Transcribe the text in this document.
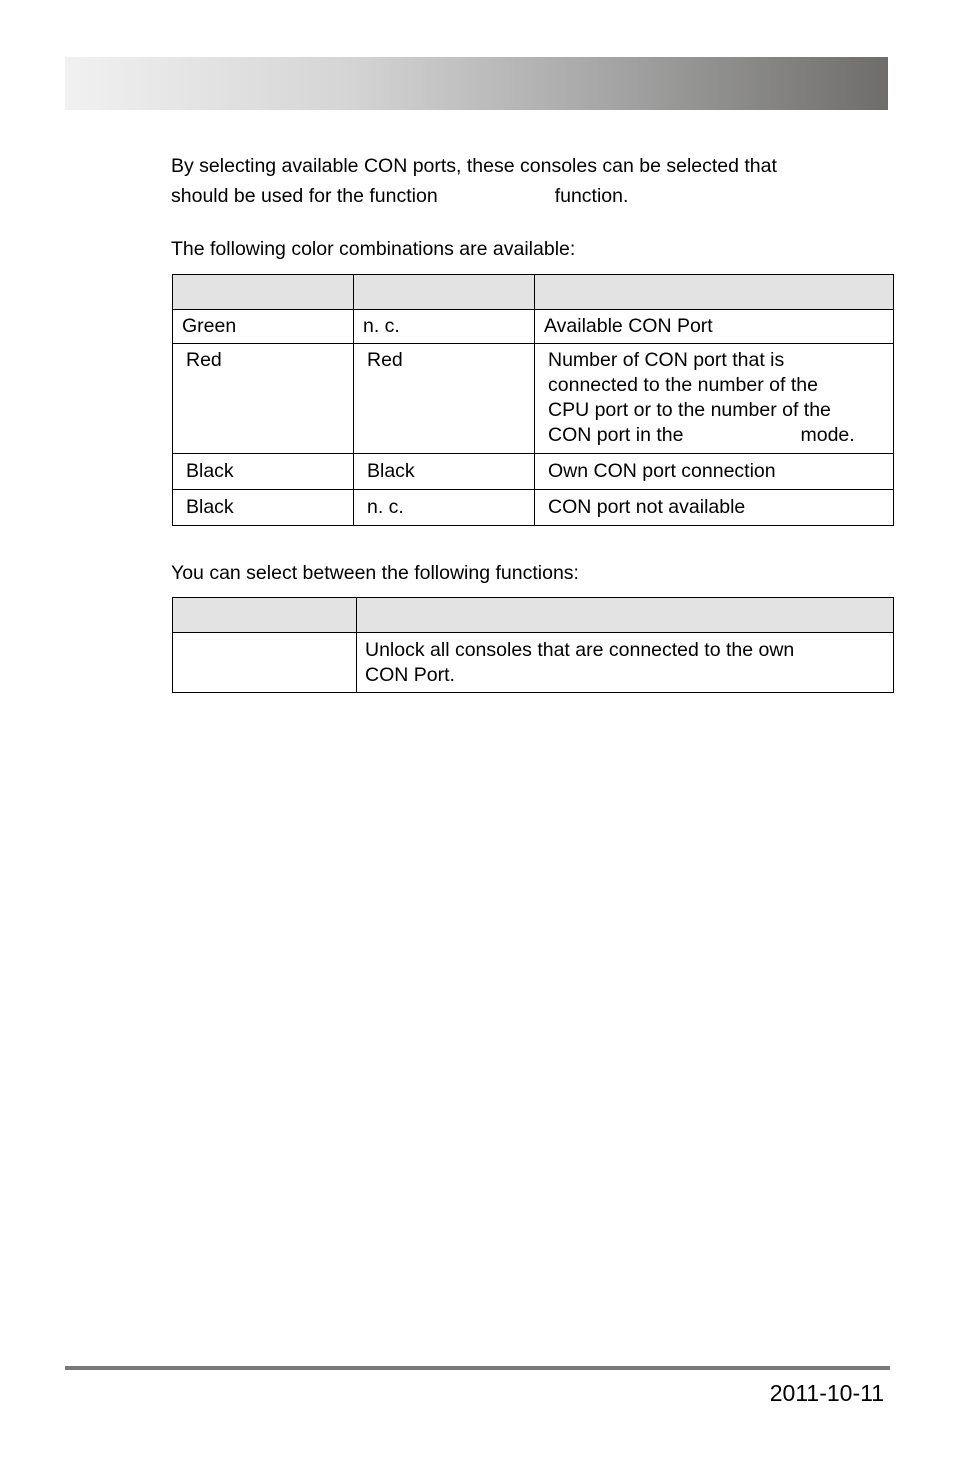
By selecting available CON ports, these consoles can be selected that

should be used for the function	function.

The following color combinations are available:

Green	n. c.	Available CON Port

Red	Red	Number of CON port that is
connected to the number of the
CPU port or to the number of the
CON port in the mode.

Black	Black	Own CON port connection

Black	n. c.	CON port not available

You can select between the following functions:

	Unlock all consoles that are connected to the own
CON Port.
2011-10-11
